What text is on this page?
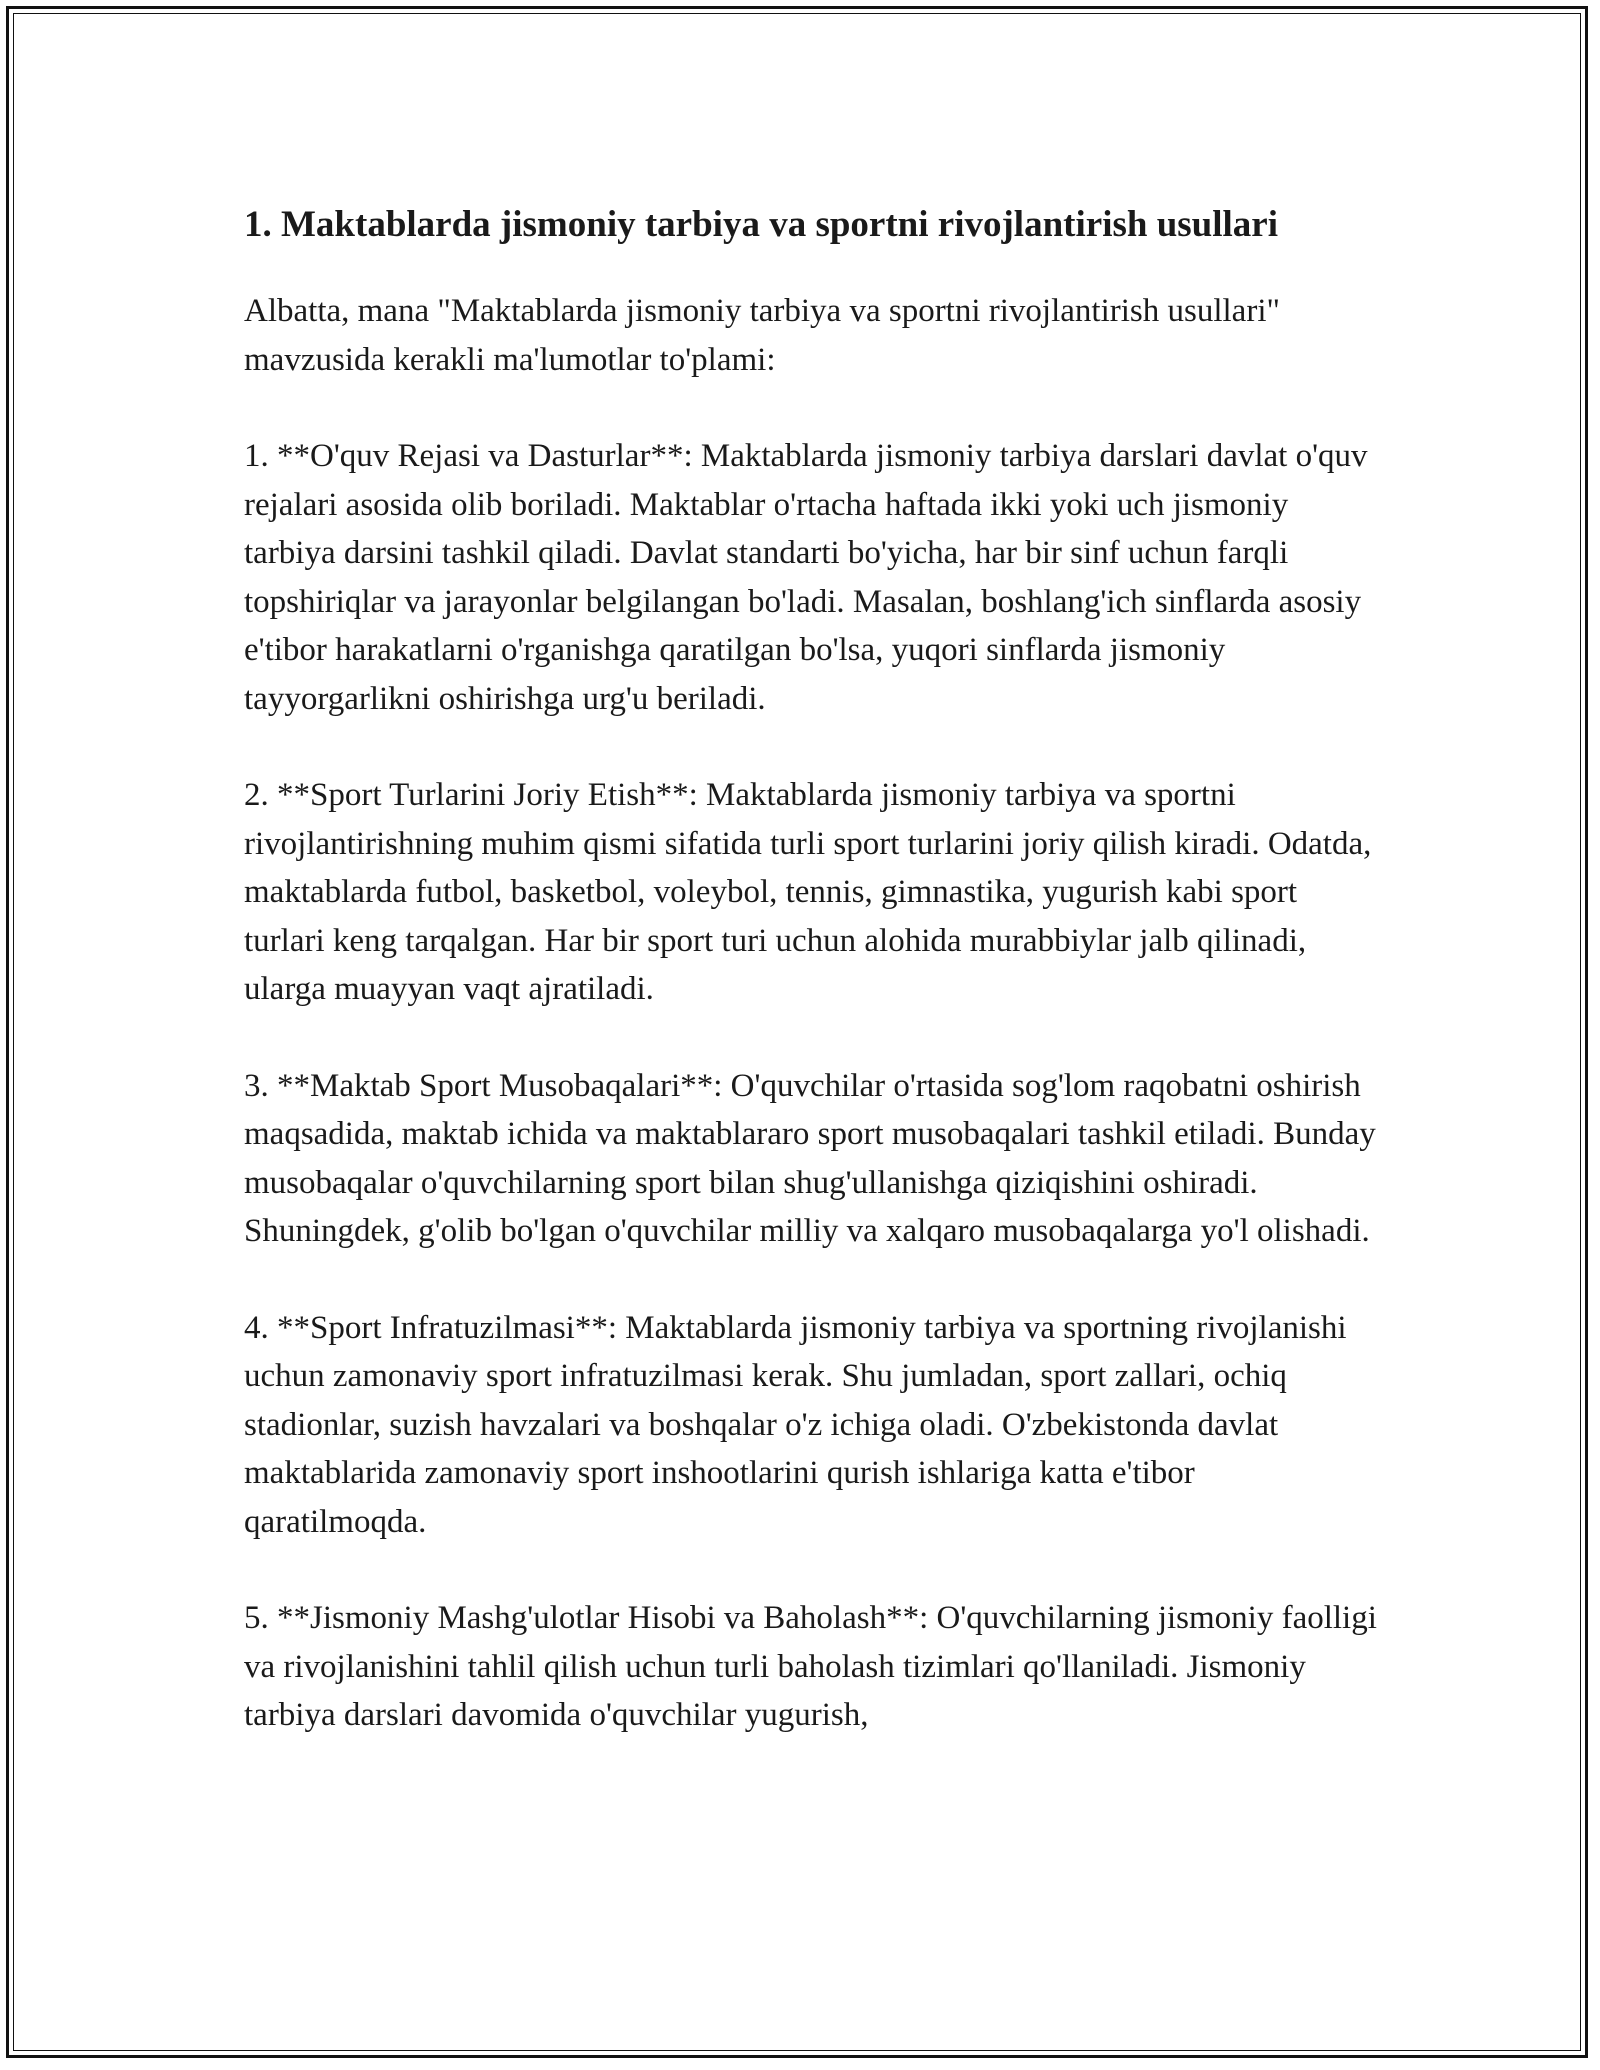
1. Maktablarda jismoniy tarbiya va sportni rivojlantirish usullari

Albatta, mana "Maktablarda jismoniy tarbiya va sportni rivojlantirish usullari" mavzusida kerakli ma'lumotlar to'plami:

1. **O'quv Rejasi va Dasturlar**: Maktablarda jismoniy tarbiya darslari davlat o'quv rejalari asosida olib boriladi. Maktablar o'rtacha haftada ikki yoki uch jismoniy tarbiya darsini tashkil qiladi. Davlat standarti bo'yicha, har bir sinf uchun farqli topshiriqlar va jarayonlar belgilangan bo'ladi. Masalan, boshlang'ich sinflarda asosiy e'tibor harakatlarni o'rganishga qaratilgan bo'lsa, yuqori sinflarda jismoniy tayyorgarlikni oshirishga urg'u beriladi.

2. **Sport Turlarini Joriy Etish**: Maktablarda jismoniy tarbiya va sportni rivojlantirishning muhim qismi sifatida turli sport turlarini joriy qilish kiradi. Odatda, maktablarda futbol, basketbol, voleybol, tennis, gimnastika, yugurish kabi sport turlari keng tarqalgan. Har bir sport turi uchun alohida murabbiylar jalb qilinadi, ularga muayyan vaqt ajratiladi.

3. **Maktab Sport Musobaqalari**: O'quvchilar o'rtasida sog'lom raqobatni oshirish maqsadida, maktab ichida va maktablararo sport musobaqalari tashkil etiladi. Bunday musobaqalar o'quvchilarning sport bilan shug'ullanishga qiziqishini oshiradi. Shuningdek, g'olib bo'lgan o'quvchilar milliy va xalqaro musobaqalarga yo'l olishadi.

4. **Sport Infratuzilmasi**: Maktablarda jismoniy tarbiya va sportning rivojlanishi uchun zamonaviy sport infratuzilmasi kerak. Shu jumladan, sport zallari, ochiq stadionlar, suzish havzalari va boshqalar o'z ichiga oladi. O'zbekistonda davlat maktablarida zamonaviy sport inshootlarini qurish ishlariga katta e'tibor qaratilmoqda.

5. **Jismoniy Mashg'ulotlar Hisobi va Baholash**: O'quvchilarning jismoniy faolligi va rivojlanishini tahlil qilish uchun turli baholash tizimlari qo'llaniladi. Jismoniy tarbiya darslari davomida o'quvchilar yugurish,
